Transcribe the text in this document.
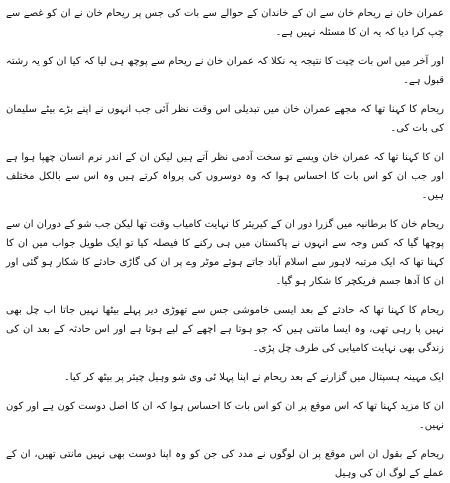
عمران خان نے ریحام خان سے ان کے خاندان کے حوالے سے بات کی جس پر ریحام خان نے ان کو غصے سے چپ کرا دیا کہ یہ ان کا مسئلہ نہیں ہے۔

اور آخر میں اس بات چیت کا نتیجہ یہ نکلا کہ عمران خان نے ریحام سے پوچھ ہی لیا کہ کیا ان کو یہ رشتہ قبول ہے۔

ریحام کا کہنا تھا کہ مجھے عمران خان میں تبدیلی اس وقت نظر آئی جب انہوں نے اپنے بڑے بیٹے سلیمان کی بات کی۔

ان کا کہنا تھا کہ عمران خان ویسے تو سخت آدمی نظر آتے ہیں لیکن ان کے اندر نرم انسان چھپا ہوا ہے اور جب ان کو اس بات کا احساس ہوا کہ وہ دوسروں کی پرواہ کرتے ہیں وہ اس سے بالکل مختلف ہیں۔

ریحام خان کا برطانیہ میں گزرا دور ان کے کیریئر کا نہایت کامیاب وقت تھا لیکن جب شو کے دوران ان سے پوچھا گیا کہ کس وجہ سے انہوں نے پاکستان میں ہی رکنے کا فیصلہ کیا تو ایک طویل جواب میں ان کا کہنا تھا کہ ایک مرتبہ لاہور سے اسلام آباد جاتے ہوئے موٹر وے پر ان کی گاڑی حادثے کا شکار ہو گئی اور ان کا آدھا جسم فریکچر کا شکار ہو گیا۔

ریحام کا کہنا تھا کہ حادثے کے بعد ایسی خاموشی جس سے تھوڑی دیر پہلے بیٹھا نہیں جاتا اب چل بھی نہیں پا رہی تھی، وہ ایسا مانتی ہیں کہ جو ہوتا ہے اچھے کے لیے ہوتا ہے اور اس حادثہ کے بعد ان کی زندگی بھی نہایت کامیابی کی طرف چل پڑی۔

ایک مہینہ ہسپتال میں گزارنے کے بعد ریحام نے اپنا پہلا ٹی وی شو وہیل چیئر پر بیٹھ کر کیا۔

ان کا مزید کہنا تھا کہ اس موقع پر ان کو اس بات کا احساس ہوا کہ ان کا اصل دوست کون ہے اور کون نہیں۔

ریحام کے بقول ان اس موقع پر ان لوگوں نے مدد کی جن کو وہ اپنا دوست بھی نہیں مانتی تھیں، ان کے عملے کے لوگ ان کی وہیل
